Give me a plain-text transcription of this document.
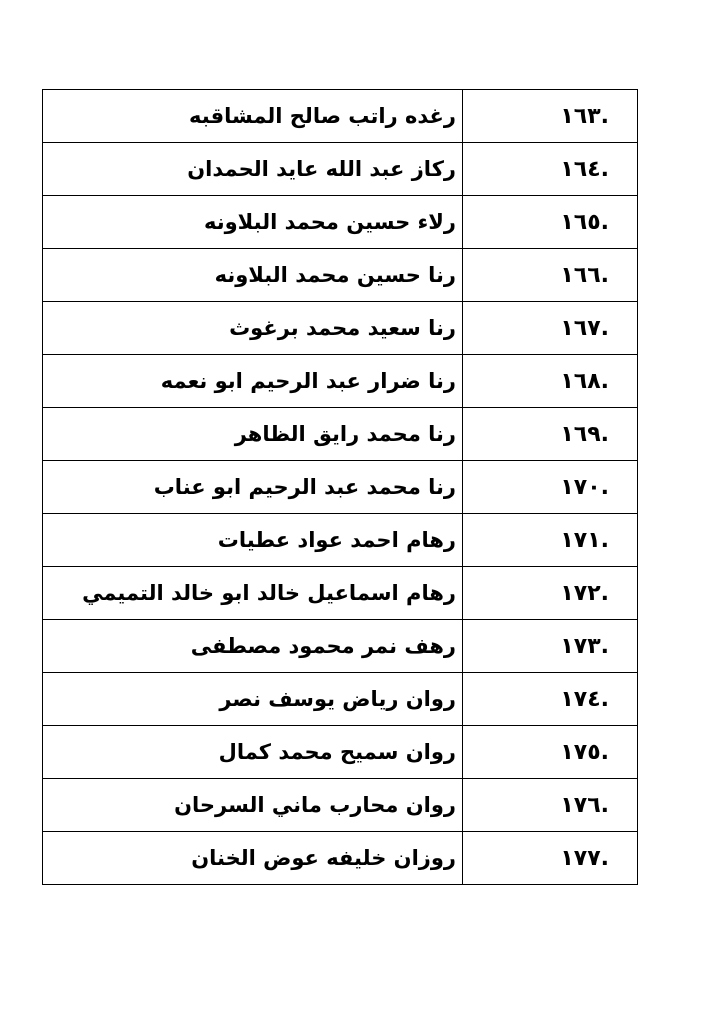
.١٦٣	رغده راتب صالح المشاقبه
.١٦٤	ركاز عبد الله عايد الحمدان
.١٦٥	رلاء حسين محمد البلاونه
.١٦٦	رنا حسين محمد البلاونه
.١٦٧	رنا سعيد محمد برغوث
.١٦٨	رنا ضرار عبد الرحيم ابو نعمه
.١٦٩	رنا محمد رايق الظاهر
.١٧٠	رنا محمد عبد الرحيم ابو عناب
.١٧١	رهام احمد عواد عطيات
.١٧٢	رهام اسماعيل خالد ابو خالد التميمي
.١٧٣	رهف نمر محمود مصطفى
.١٧٤	روان رياض يوسف نصر
.١٧٥	روان سميح محمد كمال
.١٧٦	روان محارب ماني السرحان
.١٧٧	روزان خليفه عوض الخنان
